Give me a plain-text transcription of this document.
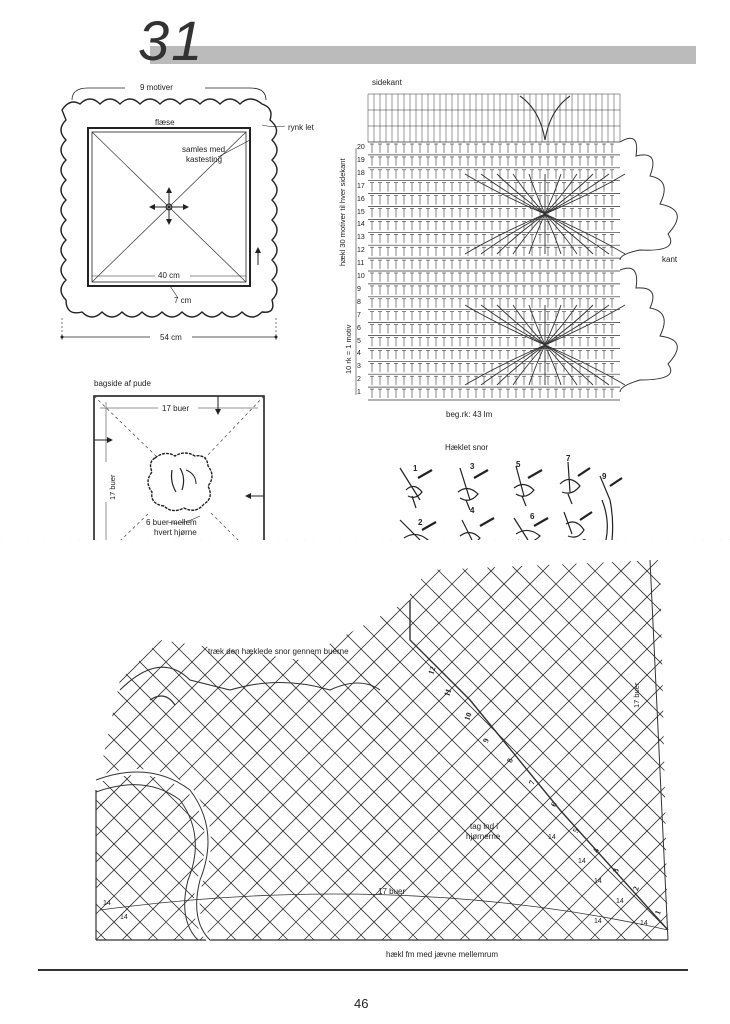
31
9 motiver
flæse
rynk let
samles med
kastesting
40 cm
7 cm
54 cm
bagside af pude
17 buer
17 buer
6 buer mellem
hvert hjørne
sidekant
hækl 30 motiver til hver sidekant
10 rk = 1 motiv
kant
beg.rk: 43 lm
20
19
18
17
16
15
14
13
12
11
10
9
8
7
6
5
4
3
2
1
Hæklet snor
1
2
3
4
5
6
7
9
træk den hæklede snor gennem buerne
tag ind i
hjørnerne
17 buer
17 buer
hækl fm med jævne mellemrum
1
2
3
4
5
6
7
8
9
10
11
12
14
14
14
14
14
14
14	14
46
